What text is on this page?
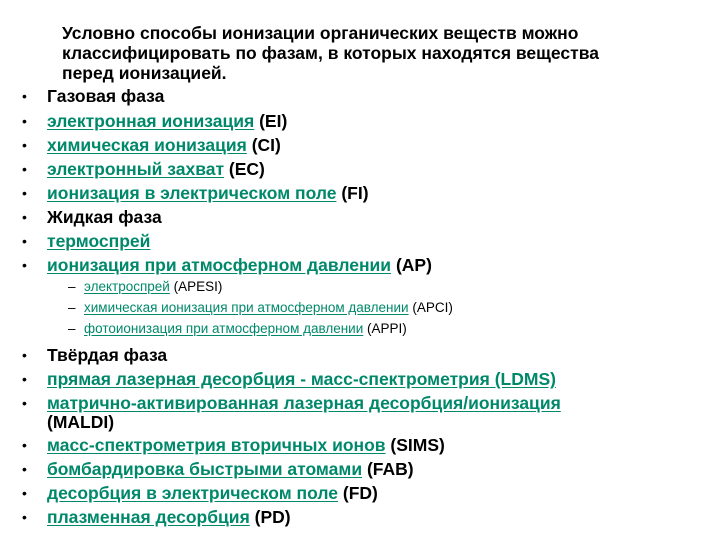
Условно способы ионизации органических веществ можно
классифицировать по фазам, в которых находятся вещества
перед ионизацией.
• Газовая фаза
• электронная ионизация (EI)
• химическая ионизация (CI)
• электронный захват (EC)
• ионизация в электрическом поле (FI)
• Жидкая фаза
• термоспрей
• ионизация при атмосферном давлении (AP)
– электроспрей (APESI)
– химическая ионизация при атмосферном давлении (APCI)
– фотоионизация при атмосферном давлении (APPI)
• Твёрдая фаза
• прямая лазерная десорбция - масс-спектрометрия (LDMS)
• матрично-активированная лазерная десорбция/ионизация
(MALDI)
• масс-спектрометрия вторичных ионов (SIMS)
• бомбардировка быстрыми атомами (FAB)
• десорбция в электрическом поле (FD)
• плазменная десорбция (PD)
